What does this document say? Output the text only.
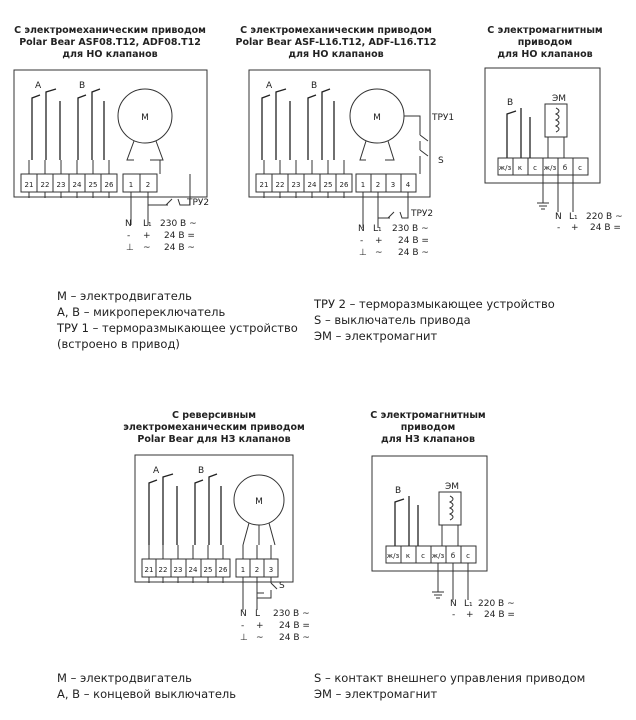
С электромеханическим приводом
Polar Bear ASF08.T12, ADF08.T12
для НО клапанов
A	B
M
21 22 23 24 25 26 1 2
ТРУ2
N L₁ 230 В ~
- + 24 В =
⊥ ~ 24 В ~
С электромеханическим приводом
Polar Bear ASF-L16.T12, ADF-L16.T12
для НО клапанов
A	B
M	ТРУ1
S
21 22 23 24 25 26 1 2 3 4
ТРУ2
N L₁ 230 В ~
- + 24 В =
⊥ ~ 24 В ~
С электромагнитным
приводом
для НО клапанов
B	ЭМ
ж/з к с ж/з б с
N L₁ 220 В ~
- + 24 В =
С реверсивным
электромеханическим приводом
Polar Bear для НЗ клапанов
A	B
M
21 22 23 24 25 26 1 2 3
S
N L 230 В ~
- + 24 В =
⊥ ~ 24 В ~
С электромагнитным
приводом
для НЗ клапанов
B	ЭМ
ж/з к с ж/з б с
N L₁ 220 В ~
- + 24 В =
M – электродвигатель
A, B – микропереключатель
ТРУ 1 – терморазмыкающее устройство
(встроено в привод)
ТРУ 2 – терморазмыкающее устройство
S – выключатель привода
ЭМ – электромагнит
M – электродвигатель
A, B – концевой выключатель
S – контакт внешнего управления приводом
ЭМ – электромагнит
